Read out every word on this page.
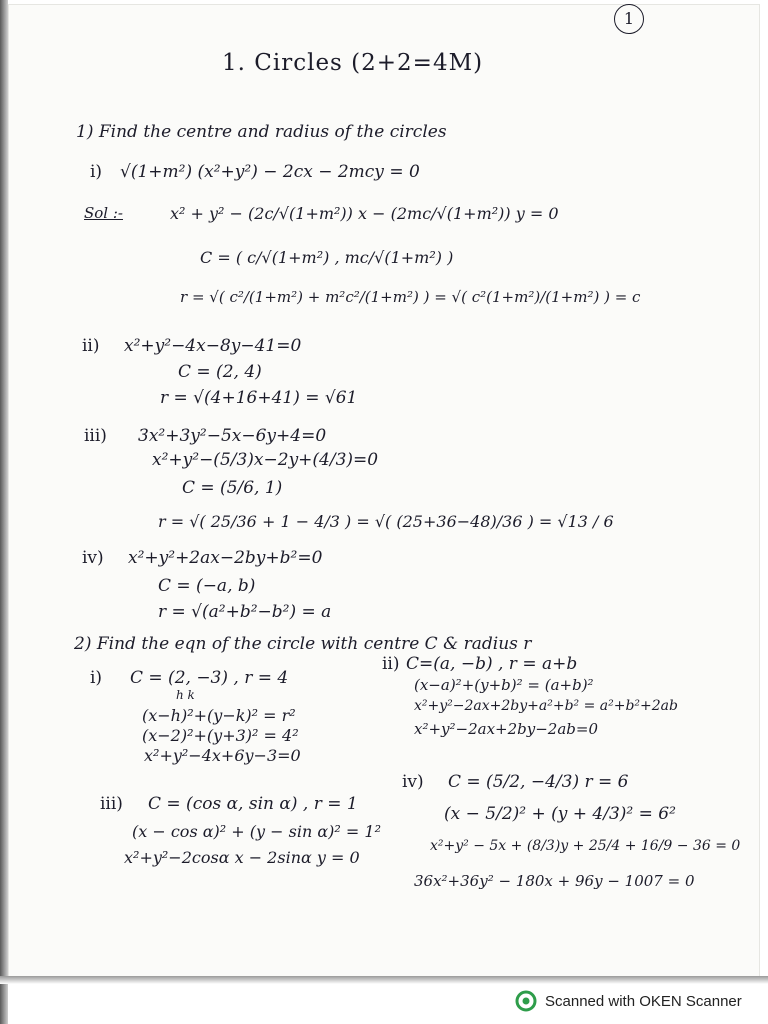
1
1. Circles (2+2=4M)
1) Find the centre and radius of the circles
i) √(1+m²) (x²+y²) − 2cx − 2mcy = 0
Sol :-	x² + y² − (2c/√(1+m²)) x − (2mc/√(1+m²)) y = 0
C = ( c/√(1+m²) , mc/√(1+m²) )
r = √( c²/(1+m²) + m²c²/(1+m²) ) = √( c²(1+m²)/(1+m²) ) = c
ii) x²+y²−4x−8y−41=0
C = (2, 4)
r = √(4+16+41) = √61
iii) 3x²+3y²−5x−6y+4=0
x²+y²−(5/3)x−2y+(4/3)=0
C = (5/6, 1)
r = √( 25/36 + 1 − 4/3 ) = √( (25+36−48)/36 ) = √13 / 6
iv) x²+y²+2ax−2by+b²=0
C = (−a, b)
r = √(a²+b²−b²) = a
2) Find the eqn of the circle with centre C & radius r
i) C = (2, −3) , r = 4
h k
(x−h)²+(y−k)² = r²
(x−2)²+(y+3)² = 4²
x²+y²−4x+6y−3=0
ii) C=(a, −b) , r = a+b
(x−a)²+(y+b)² = (a+b)²
x²+y²−2ax+2by+a²+b² = a²+b²+2ab
x²+y²−2ax+2by−2ab=0
iii) C = (cos α, sin α) , r = 1
(x − cos α)² + (y − sin α)² = 1²
x²+y²−2cosα x − 2sinα y = 0
iv) C = (5/2, −4/3) r = 6
(x − 5/2)² + (y + 4/3)² = 6²
x²+y² − 5x + (8/3)y + 25/4 + 16/9 − 36 = 0
36x²+36y² − 180x + 96y − 1007 = 0
Scanned with OKEN Scanner
